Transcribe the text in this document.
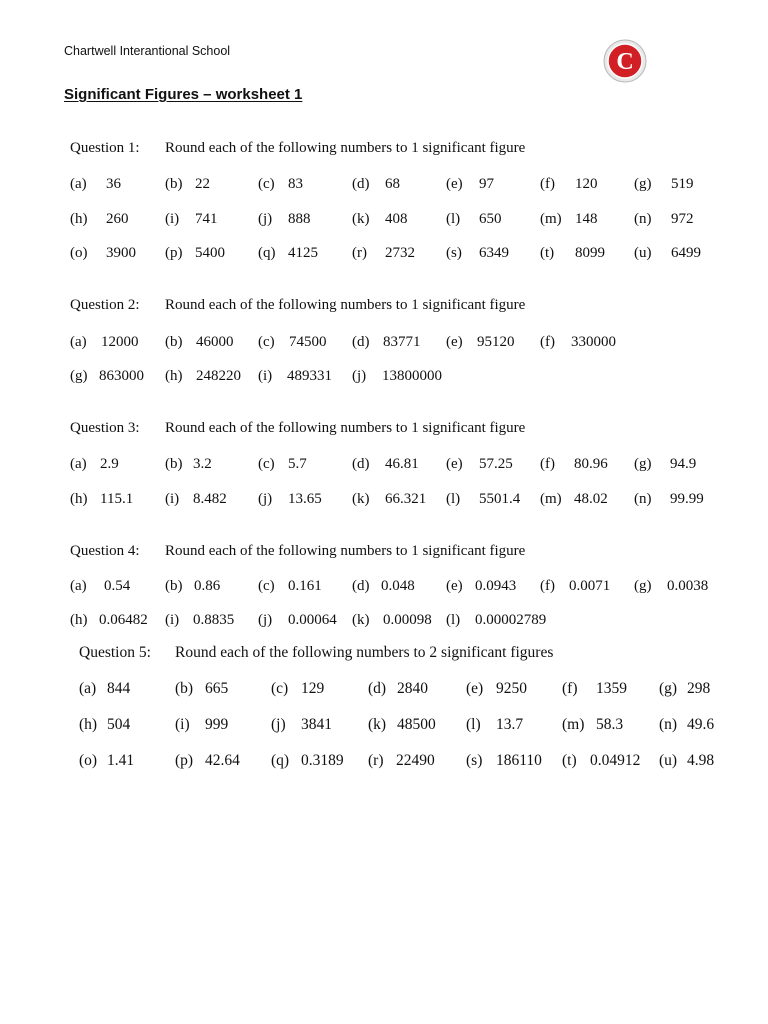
Chartwell Interantional School	C
Significant Figures – worksheet 1
Question 1: Round each of the following numbers to 1 significant figure
(a) 36	(b) 22	(c) 83	(d) 68	(e) 97	(f) 120 (g) 519
(h) 260 (i) 741	(j) 888	(k) 408	(l) 650	(m) 148 (n) 972
(o) 3900 (p) 5400 (q) 4125 (r) 2732 (s) 6349 (t) 8099 (u) 6499
Question 2: Round each of the following numbers to 1 significant figure
(a) 12000 (b) 46000 (c) 74500 (d) 83771 (e) 95120 (f) 330000
(g) 863000 (h) 248220 (i) 489331 (j) 13800000
Question 3: Round each of the following numbers to 1 significant figure
(a) 2.9	(b) 3.2	(c) 5.7	(d) 46.81 (e) 57.25 (f) 80.96 (g) 94.9
(h) 115.1 (i) 8.482 (j) 13.65 (k) 66.321 (l) 5501.4 (m) 48.02 (n) 99.99
Question 4: Round each of the following numbers to 1 significant figure
(a) 0.54 (b) 0.86	(c) 0.161 (d) 0.048 (e) 0.0943 (f) 0.0071 (g) 0.0038
(h) 0.06482 (i) 0.8835 (j) 0.00064 (k) 0.00098 (l) 0.00002789
Question 5: Round each of the following numbers to 2 significant figures
(a) 844	(b) 665	(c) 129	(d) 2840 (e) 9250 (f) 1359 (g) 298
(h) 504	(i) 999	(j) 3841 (k) 48500 (l) 13.7	(m) 58.3 (n) 49.6
(o) 1.41	(p) 42.64 (q) 0.3189 (r) 22490 (s) 186110 (t) 0.04912 (u) 4.98
